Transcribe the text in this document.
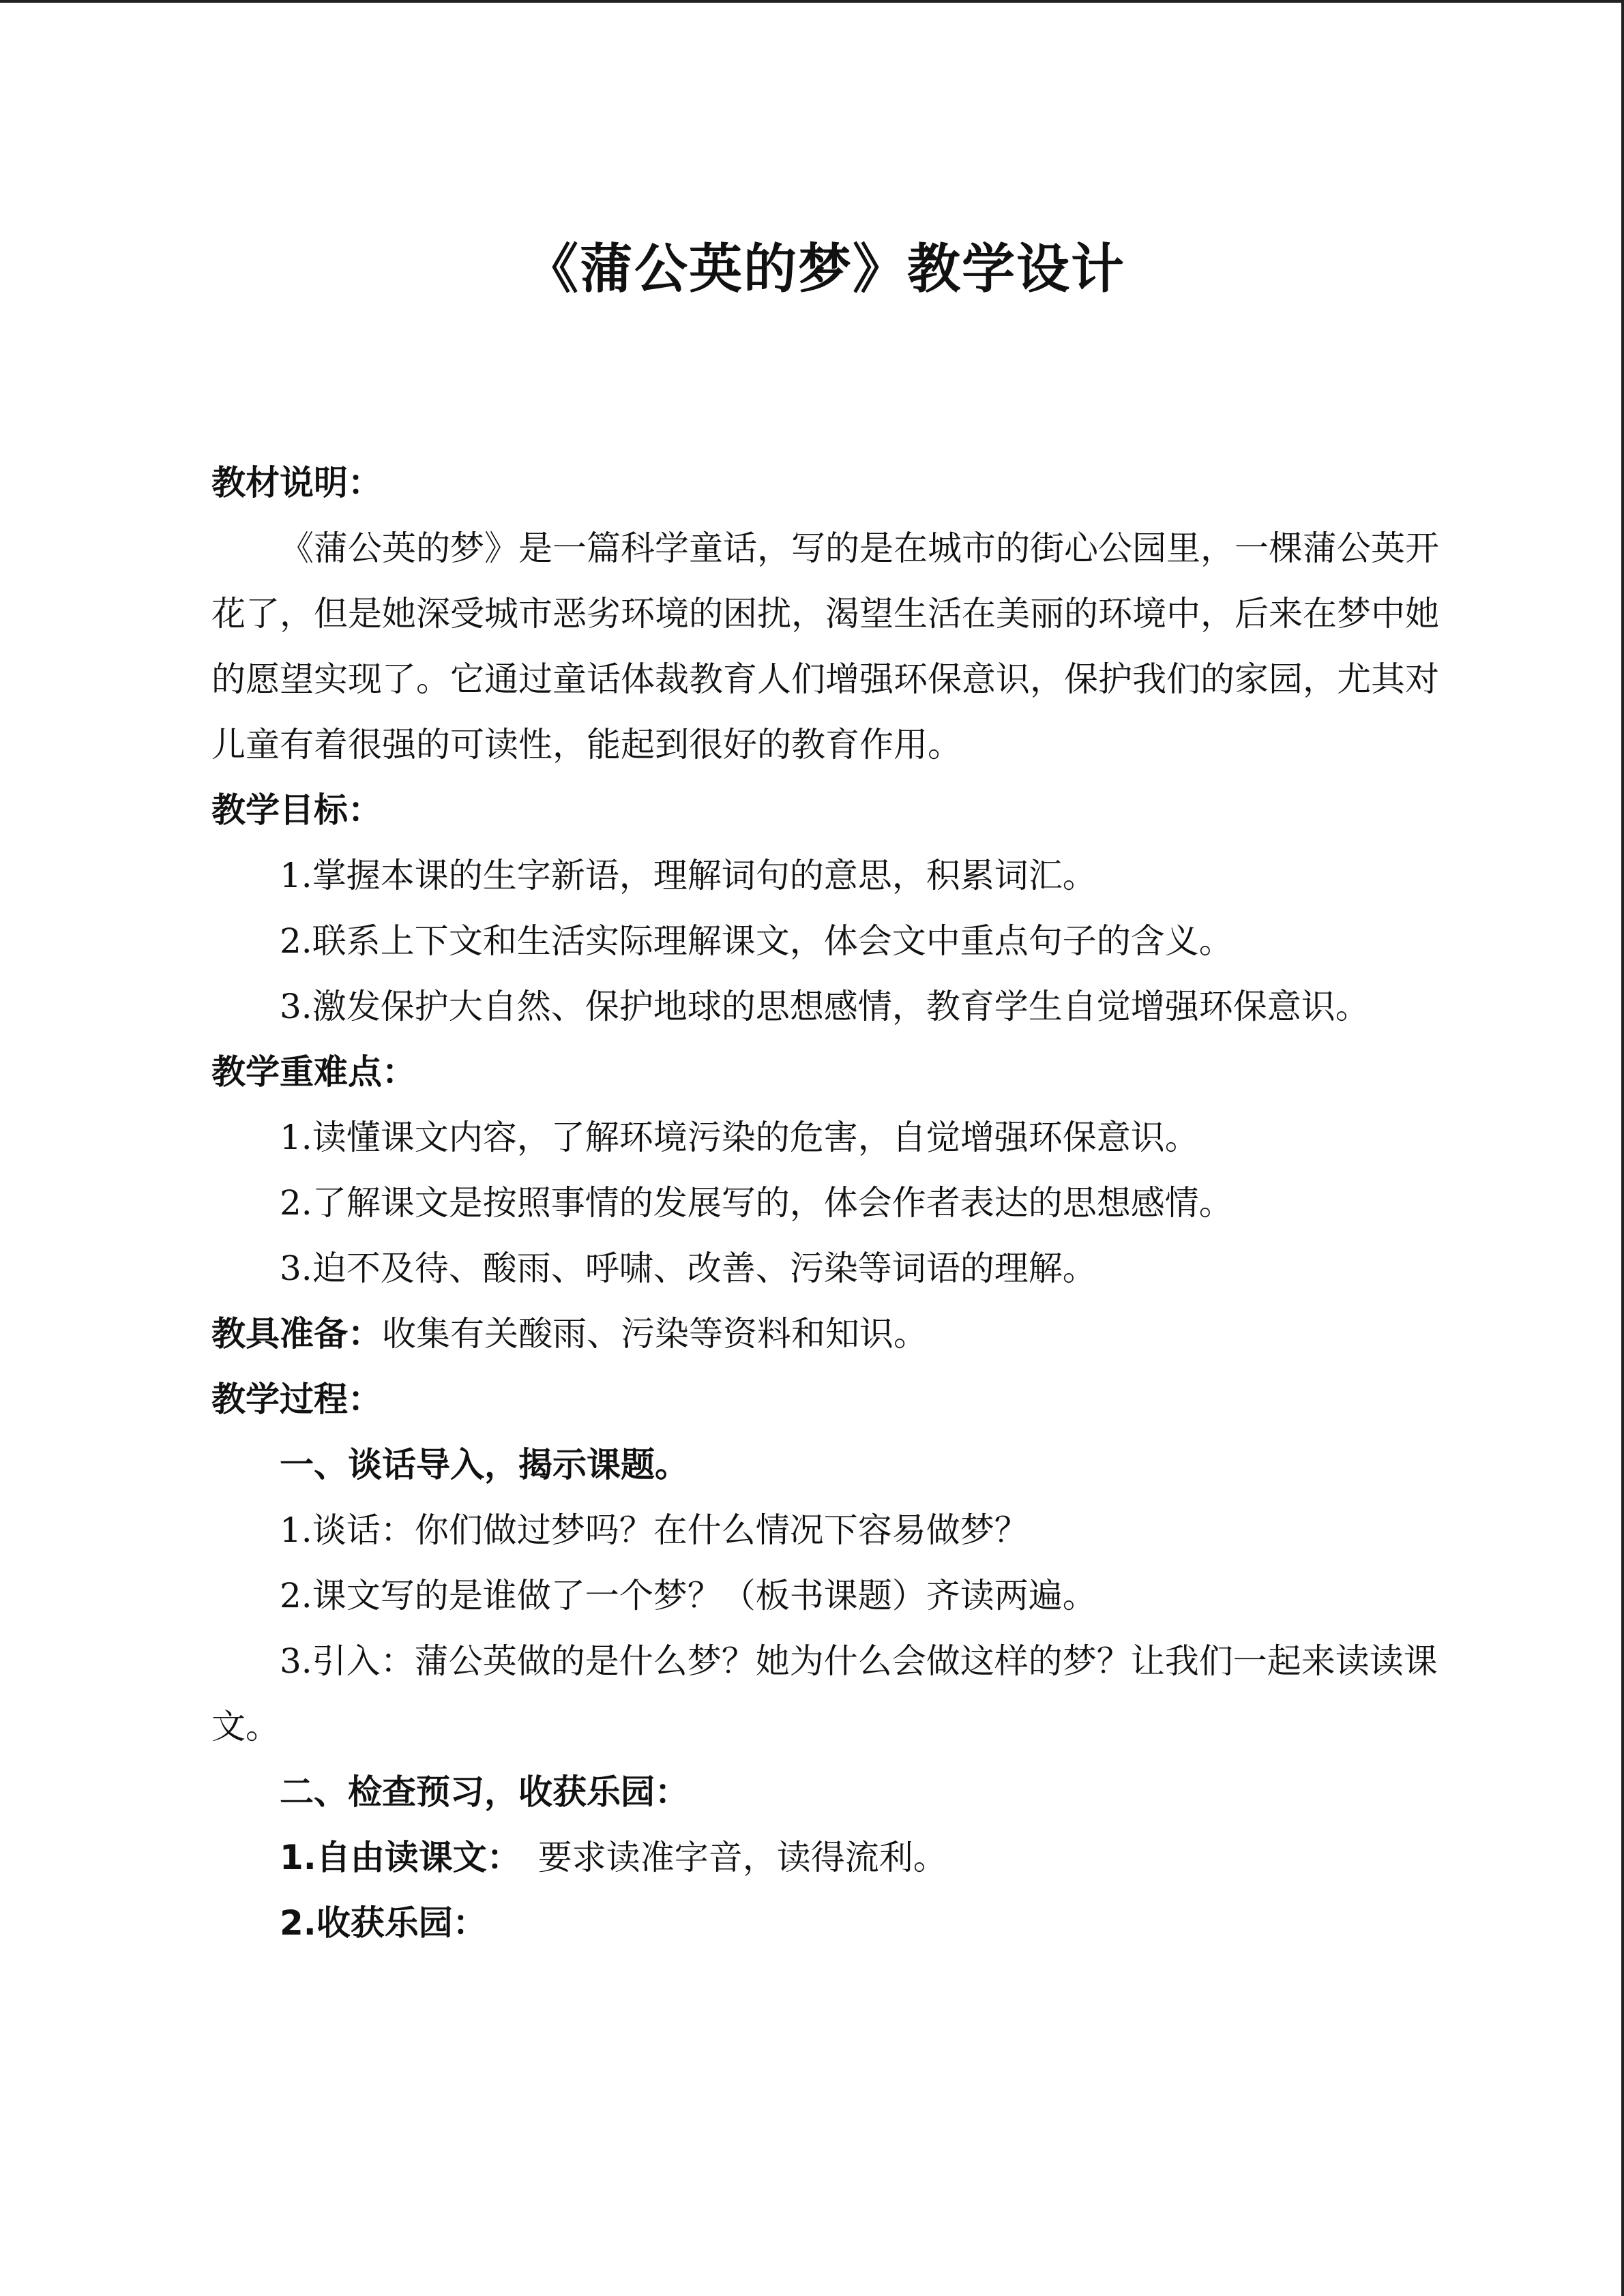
《蒲公英的梦》教学设计

教材说明：

《蒲公英的梦》是一篇科学童话，写的是在城市的街心公园里，一棵蒲公英开花了，但是她深受城市恶劣环境的困扰，渴望生活在美丽的环境中，后来在梦中她的愿望实现了。它通过童话体裁教育人们增强环保意识，保护我们的家园，尤其对儿童有着很强的可读性，能起到很好的教育作用。

教学目标：

1.掌握本课的生字新语，理解词句的意思，积累词汇。

2.联系上下文和生活实际理解课文，体会文中重点句子的含义。

3.激发保护大自然、保护地球的思想感情，教育学生自觉增强环保意识。

教学重难点：

1.读懂课文内容，了解环境污染的危害，自觉增强环保意识。

2.了解课文是按照事情的发展写的，体会作者表达的思想感情。

3.迫不及待、酸雨、呼啸、改善、污染等词语的理解。

教具准备：收集有关酸雨、污染等资料和知识。

教学过程：

一、谈话导入，揭示课题。

1.谈话：你们做过梦吗？在什么情况下容易做梦？

2.课文写的是谁做了一个梦？（板书课题）齐读两遍。

3.引入：蒲公英做的是什么梦？她为什么会做这样的梦？让我们一起来读读课文。

二、检查预习，收获乐园：

1.自由读课文：　要求读准字音，读得流利。

2.收获乐园：
